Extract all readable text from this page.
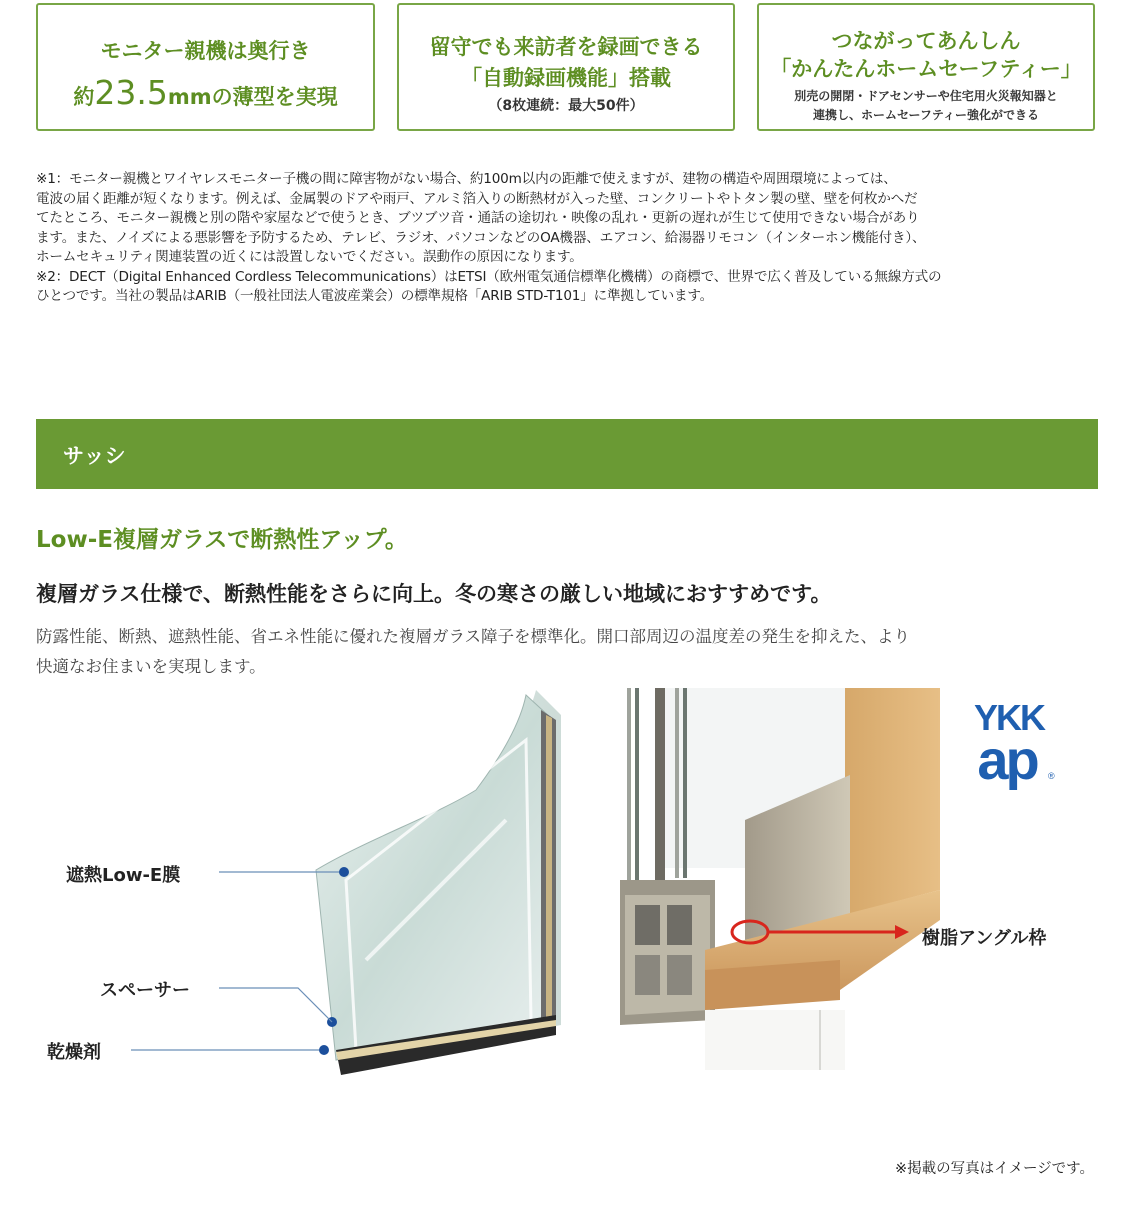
モニター親機は奥行き
約23.5mmの薄型を実現
留守でも来訪者を録画できる
「自動録画機能」搭載
（8枚連続：最大50件）
つながってあんしん
「かんたんホームセーフティー」
別売の開閉・ドアセンサーや住宅用火災報知器と
連携し、ホームセーフティー強化ができる
※1：モニター親機とワイヤレスモニター子機の間に障害物がない場合、約100m以内の距離で使えますが、建物の構造や周囲環境によっては、
電波の届く距離が短くなります。例えば、金属製のドアや雨戸、アルミ箔入りの断熱材が入った壁、コンクリートやトタン製の壁、壁を何枚かへだ
てたところ、モニター親機と別の階や家屋などで使うとき、ブツブツ音・通話の途切れ・映像の乱れ・更新の遅れが生じて使用できない場合があり
ます。また、ノイズによる悪影響を予防するため、テレビ、ラジオ、パソコンなどのOA機器、エアコン、給湯器リモコン（インターホン機能付き）、
ホームセキュリティ関連装置の近くには設置しないでください。誤動作の原因になります。
※2：DECT（Digital Enhanced Cordless Telecommunications）はETSI（欧州電気通信標準化機構）の商標で、世界で広く普及している無線方式の
ひとつです。当社の製品はARIB（一般社団法人電波産業会）の標準規格「ARIB STD-T101」に準拠しています。
サッシ
Low-E複層ガラスで断熱性アップ。
複層ガラス仕様で、断熱性能をさらに向上。冬の寒さの厳しい地域におすすめです。
防露性能、断熱、遮熱性能、省エネ性能に優れた複層ガラス障子を標準化。開口部周辺の温度差の発生を抑えた、より
快適なお住まいを実現します。
遮熱Low-E膜
スペーサー
乾燥剤
樹脂アングル枠
YKK
ap ®
※掲載の写真はイメージです。
